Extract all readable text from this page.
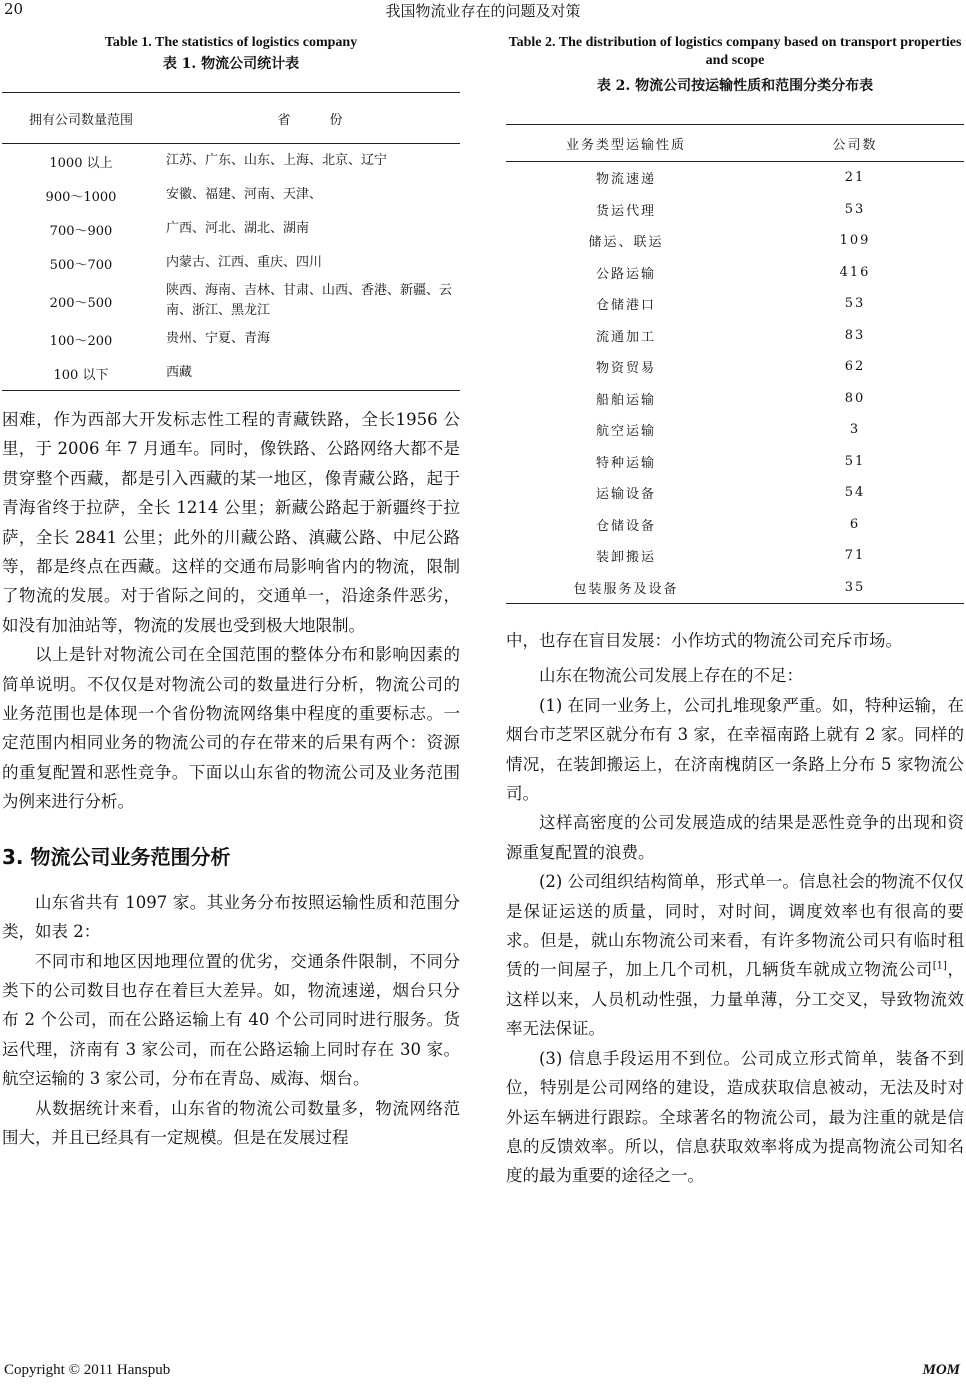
20	我国物流业存在的问题及对策
Table 1. The statistics of logistics company
表 1. 物流公司统计表
拥有公司数量范围	省　　　份
1000 以上	江苏、广东、山东、上海、北京、辽宁
900～1000	安徽、福建、河南、天津、
700～900	广西、河北、湖北、湖南
500～700	内蒙古、江西、重庆、四川
200～500	陕西、海南、吉林、甘肃、山西、香港、新疆、云南、浙江、黑龙江
100～200	贵州、宁夏、青海
100 以下	西藏

困难，作为西部大开发标志性工程的青藏铁路，全长1956 公里，于 2006 年 7 月通车。同时，像铁路、公路网络大都不是贯穿整个西藏，都是引入西藏的某一地区，像青藏公路，起于青海省终于拉萨，全长 1214 公里；新藏公路起于新疆终于拉萨，全长 2841 公里；此外的川藏公路、滇藏公路、中尼公路等，都是终点在西藏。这样的交通布局影响省内的物流，限制了物流的发展。对于省际之间的，交通单一，沿途条件恶劣，如没有加油站等，物流的发展也受到极大地限制。

以上是针对物流公司在全国范围的整体分布和影响因素的简单说明。不仅仅是对物流公司的数量进行分析，物流公司的业务范围也是体现一个省份物流网络集中程度的重要标志。一定范围内相同业务的物流公司的存在带来的后果有两个：资源的重复配置和恶性竞争。下面以山东省的物流公司及业务范围为例来进行分析。

3. 物流公司业务范围分析

山东省共有 1097 家。其业务分布按照运输性质和范围分类，如表 2：

不同市和地区因地理位置的优劣，交通条件限制，不同分类下的公司数目也存在着巨大差异。如，物流速递，烟台只分布 2 个公司，而在公路运输上有 40 个公司同时进行服务。货运代理，济南有 3 家公司，而在公路运输上同时存在 30 家。航空运输的 3 家公司，分布在青岛、威海、烟台。

从数据统计来看，山东省的物流公司数量多，物流网络范围大，并且已经具有一定规模。但是在发展过程

Table 2. The distribution of logistics company based on transport properties and scope
表 2. 物流公司按运输性质和范围分类分布表
业务类型运输性质	公司数
物流速递	21
货运代理	53
储运、联运	109
公路运输	416
仓储港口	53
流通加工	83
物资贸易	62
船舶运输	80
航空运输	3
特种运输	51
运输设备	54
仓储设备	6
装卸搬运	71
包装服务及设备	35

中，也存在盲目发展：小作坊式的物流公司充斥市场。

山东在物流公司发展上存在的不足：

(1) 在同一业务上，公司扎堆现象严重。如，特种运输，在烟台市芝罘区就分布有 3 家，在幸福南路上就有 2 家。同样的情况，在装卸搬运上，在济南槐荫区一条路上分布 5 家物流公司。

这样高密度的公司发展造成的结果是恶性竞争的出现和资源重复配置的浪费。

(2) 公司组织结构简单，形式单一。信息社会的物流不仅仅是保证运送的质量，同时，对时间，调度效率也有很高的要求。但是，就山东物流公司来看，有许多物流公司只有临时租赁的一间屋子，加上几个司机，几辆货车就成立物流公司[1]，这样以来，人员机动性强，力量单薄，分工交叉，导致物流效率无法保证。

(3) 信息手段运用不到位。公司成立形式简单，装备不到位，特别是公司网络的建设，造成获取信息被动，无法及时对外运车辆进行跟踪。全球著名的物流公司，最为注重的就是信息的反馈效率。所以，信息获取效率将成为提高物流公司知名度的最为重要的途径之一。

Copyright © 2011 Hanspub	MOM
